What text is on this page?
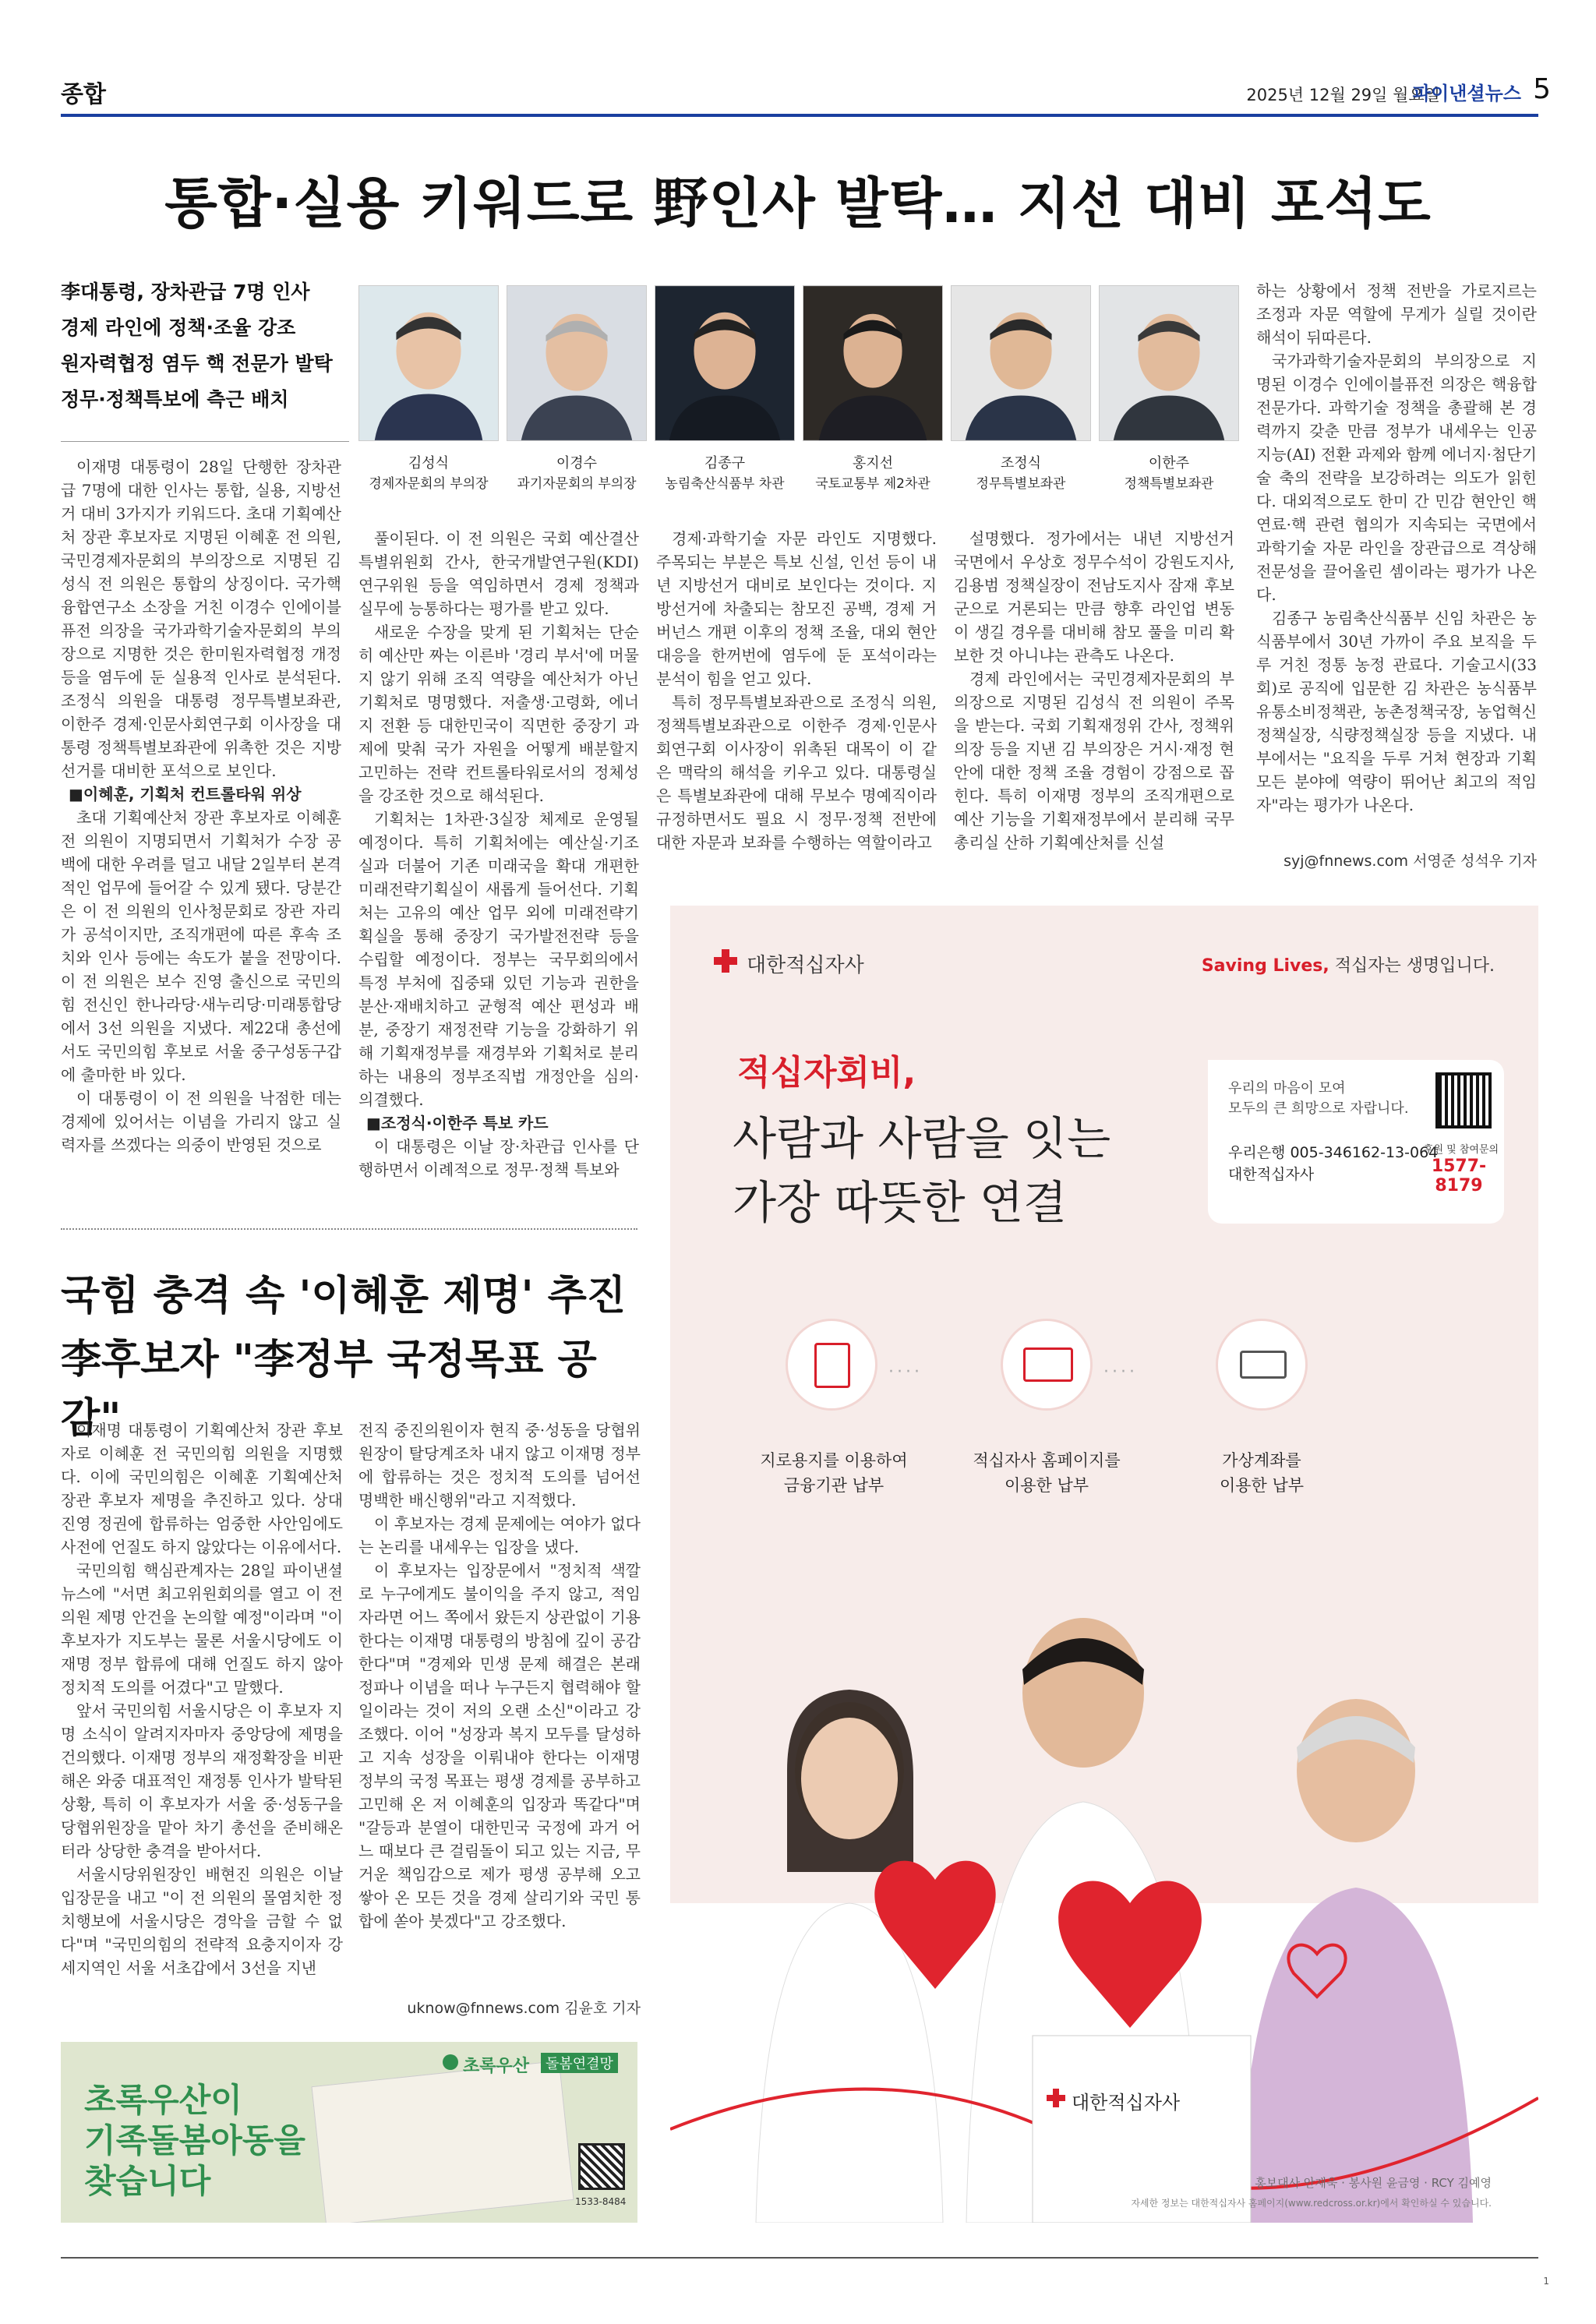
종합	2025년 12월 29일 월요일
파이낸셜뉴스 5
통합·실용 키워드로 野인사 발탁… 지선 대비 포석도
李대통령, 장차관급 7명 인사
경제 라인에 정책·조율 강조
원자력협정 염두 핵 전문가 발탁
정무·정책특보에 측근 배치
김성식
경제자문회의 부의장
이경수
과기자문회의 부의장
김종구
농림축산식품부 차관
홍지선
국토교통부 제2차관
조정식
정무특별보좌관
이한주
정책특별보좌관

이재명 대통령이 28일 단행한 장차관급 7명에 대한 인사는 통합, 실용, 지방선거 대비 3가지가 키워드다. 초대 기획예산처 장관 후보자로 지명된 이혜훈 전 의원, 국민경제자문회의 부의장으로 지명된 김성식 전 의원은 통합의 상징이다. 국가핵융합연구소 소장을 거친 이경수 인에이블퓨전 의장을 국가과학기술자문회의 부의장으로 지명한 것은 한미원자력협정 개정 등을 염두에 둔 실용적 인사로 분석된다. 조정식 의원을 대통령 정무특별보좌관, 이한주 경제·인문사회연구회 이사장을 대통령 정책특별보좌관에 위촉한 것은 지방선거를 대비한 포석으로 보인다.

■이혜훈, 기획처 컨트롤타워 위상

초대 기획예산처 장관 후보자로 이혜훈 전 의원이 지명되면서 기획처가 수장 공백에 대한 우려를 덜고 내달 2일부터 본격적인 업무에 들어갈 수 있게 됐다. 당분간은 이 전 의원의 인사청문회로 장관 자리가 공석이지만, 조직개편에 따른 후속 조치와 인사 등에는 속도가 붙을 전망이다. 이 전 의원은 보수 진영 출신으로 국민의힘 전신인 한나라당·새누리당·미래통합당에서 3선 의원을 지냈다. 제22대 총선에서도 국민의힘 후보로 서울 중구성동구갑에 출마한 바 있다.

이 대통령이 이 전 의원을 낙점한 데는 경제에 있어서는 이념을 가리지 않고 실력자를 쓰겠다는 의중이 반영된 것으로

풀이된다. 이 전 의원은 국회 예산결산특별위원회 간사, 한국개발연구원(KDI) 연구위원 등을 역임하면서 경제 정책과 실무에 능통하다는 평가를 받고 있다.

새로운 수장을 맞게 된 기획처는 단순히 예산만 짜는 이른바 '경리 부서'에 머물지 않기 위해 조직 역량을 예산처가 아닌 기획처로 명명했다. 저출생·고령화, 에너지 전환 등 대한민국이 직면한 중장기 과제에 맞춰 국가 자원을 어떻게 배분할지 고민하는 전략 컨트롤타워로서의 정체성을 강조한 것으로 해석된다.

기획처는 1차관·3실장 체제로 운영될 예정이다. 특히 기획처에는 예산실·기조실과 더불어 기존 미래국을 확대 개편한 미래전략기획실이 새롭게 들어선다. 기획처는 고유의 예산 업무 외에 미래전략기획실을 통해 중장기 국가발전전략 등을 수립할 예정이다. 정부는 국무회의에서 특정 부처에 집중돼 있던 기능과 권한을 분산·재배치하고 균형적 예산 편성과 배분, 중장기 재정전략 기능을 강화하기 위해 기획재정부를 재경부와 기획처로 분리하는 내용의 정부조직법 개정안을 심의·의결했다.

■조정식·이한주 특보 카드

이 대통령은 이날 장·차관급 인사를 단행하면서 이례적으로 정무·정책 특보와

경제·과학기술 자문 라인도 지명했다. 주목되는 부분은 특보 신설, 인선 등이 내년 지방선거 대비로 보인다는 것이다. 지방선거에 차출되는 참모진 공백, 경제 거버넌스 개편 이후의 정책 조율, 대외 현안 대응을 한꺼번에 염두에 둔 포석이라는 분석이 힘을 얻고 있다.

특히 정무특별보좌관으로 조정식 의원, 정책특별보좌관으로 이한주 경제·인문사회연구회 이사장이 위촉된 대목이 이 같은 맥락의 해석을 키우고 있다. 대통령실은 특별보좌관에 대해 무보수 명예직이라 규정하면서도 필요 시 정무·정책 전반에 대한 자문과 보좌를 수행하는 역할이라고

설명했다. 정가에서는 내년 지방선거 국면에서 우상호 정무수석이 강원도지사, 김용범 정책실장이 전남도지사 잠재 후보군으로 거론되는 만큼 향후 라인업 변동이 생길 경우를 대비해 참모 풀을 미리 확보한 것 아니냐는 관측도 나온다.

경제 라인에서는 국민경제자문회의 부의장으로 지명된 김성식 전 의원이 주목을 받는다. 국회 기획재정위 간사, 정책위 의장 등을 지낸 김 부의장은 거시·재정 현안에 대한 정책 조율 경험이 강점으로 꼽힌다. 특히 이재명 정부의 조직개편으로 예산 기능을 기획재정부에서 분리해 국무총리실 산하 기획예산처를 신설

하는 상황에서 정책 전반을 가로지르는 조정과 자문 역할에 무게가 실릴 것이란 해석이 뒤따른다.

국가과학기술자문회의 부의장으로 지명된 이경수 인에이블퓨전 의장은 핵융합 전문가다. 과학기술 정책을 총괄해 본 경력까지 갖춘 만큼 정부가 내세우는 인공지능(AI) 전환 과제와 함께 에너지·첨단기술 축의 전략을 보강하려는 의도가 읽힌다. 대외적으로도 한미 간 민감 현안인 핵연료·핵 관련 협의가 지속되는 국면에서 과학기술 자문 라인을 장관급으로 격상해 전문성을 끌어올린 셈이라는 평가가 나온다.

김종구 농림축산식품부 신임 차관은 농식품부에서 30년 가까이 주요 보직을 두루 거친 정통 농정 관료다. 기술고시(33회)로 공직에 입문한 김 차관은 농식품부 유통소비정책관, 농촌정책국장, 농업혁신정책실장, 식량정책실장 등을 지냈다. 내부에서는 "요직을 두루 거쳐 현장과 기획 모든 분야에 역량이 뛰어난 최고의 적임자"라는 평가가 나온다.

syj@fnnews.com 서영준 성석우 기자
국힘 충격 속 '이혜훈 제명' 추진
李후보자 "李정부 국정목표 공감"

이재명 대통령이 기획예산처 장관 후보자로 이혜훈 전 국민의힘 의원을 지명했다. 이에 국민의힘은 이혜훈 기획예산처 장관 후보자 제명을 추진하고 있다. 상대진영 정권에 합류하는 엄중한 사안임에도 사전에 언질도 하지 않았다는 이유에서다.

국민의힘 핵심관계자는 28일 파이낸셜뉴스에 "서면 최고위원회의를 열고 이 전 의원 제명 안건을 논의할 예정"이라며 "이 후보자가 지도부는 물론 서울시당에도 이재명 정부 합류에 대해 언질도 하지 않아 정치적 도의를 어겼다"고 말했다.

앞서 국민의힘 서울시당은 이 후보자 지명 소식이 알려지자마자 중앙당에 제명을 건의했다. 이재명 정부의 재정확장을 비판해온 와중 대표적인 재정통 인사가 발탁된 상황, 특히 이 후보자가 서울 중·성동구을 당협위원장을 맡아 차기 총선을 준비해온 터라 상당한 충격을 받아서다.

서울시당위원장인 배현진 의원은 이날 입장문을 내고 "이 전 의원의 몰염치한 정치행보에 서울시당은 경악을 금할 수 없다"며 "국민의힘의 전략적 요충지이자 강세지역인 서울 서초갑에서 3선을 지낸

전직 중진의원이자 현직 중·성동을 당협위원장이 탈당계조차 내지 않고 이재명 정부에 합류하는 것은 정치적 도의를 넘어선 명백한 배신행위"라고 지적했다.

이 후보자는 경제 문제에는 여야가 없다는 논리를 내세우는 입장을 냈다.

이 후보자는 입장문에서 "정치적 색깔로 누구에게도 불이익을 주지 않고, 적임자라면 어느 쪽에서 왔든지 상관없이 기용한다는 이재명 대통령의 방침에 깊이 공감한다"며 "경제와 민생 문제 해결은 본래 정파나 이념을 떠나 누구든지 협력해야 할 일이라는 것이 저의 오랜 소신"이라고 강조했다. 이어 "성장과 복지 모두를 달성하고 지속 성장을 이뤄내야 한다는 이재명 정부의 국정 목표는 평생 경제를 공부하고 고민해 온 저 이혜훈의 입장과 똑같다"며 "갈등과 분열이 대한민국 국정에 과거 어느 때보다 큰 걸림돌이 되고 있는 지금, 무거운 책임감으로 제가 평생 공부해 오고 쌓아 온 모든 것을 경제 살리기와 국민 통합에 쏟아 붓겠다"고 강조했다.

uknow@fnnews.com 김윤호 기자
대한적십자사	Saving Lives, 적십자는 생명입니다.
적십자회비,
사람과 사람을 잇는
가장 따뜻한 연결
우리의 마음이 모여
모두의 큰 희망으로 자랍니다.
우리은행 005-346162-13-064
대한적십자사
후원 및 참여문의
1577-8179
····	····
지로용지를 이용하여
금융기관 납부
적십자사 홈페이지를
이용한 납부
가상계좌를
이용한 납부
대한적십자사
홍보대사 안재욱 · 봉사원 윤금영 · RCY 김예영
자세한 정보는 대한적십자사 홈페이지(www.redcross.or.kr)에서 확인하실 수 있습니다.
초록우산이
기족돌봄아동을
찾습니다
초록우산	돌봄연결망
1533-8484
1
